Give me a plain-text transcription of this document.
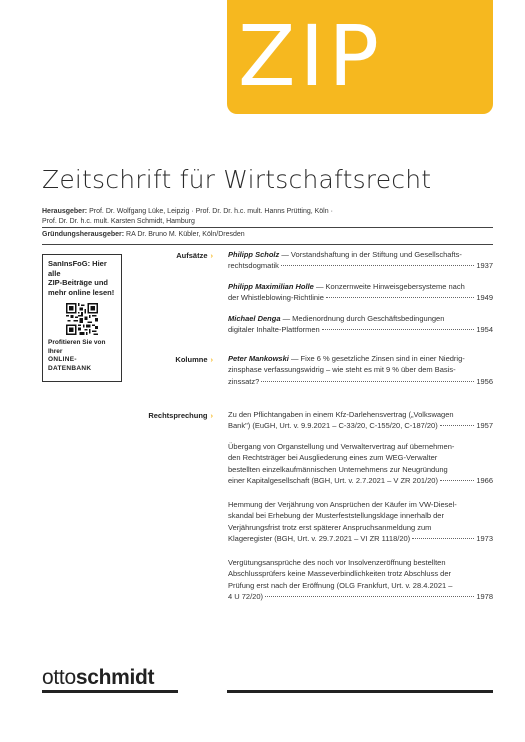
ZIP
Zeitschrift für Wirtschaftsrecht
Herausgeber: Prof. Dr. Wolfgang Lüke, Leipzig · Prof. Dr. Dr. h.c. mult. Hanns Prütting, Köln ·
Prof. Dr. Dr. h.c. mult. Karsten Schmidt, Hamburg
Gründungsherausgeber: RA Dr. Bruno M. Kübler, Köln/Dresden
SanInsFoG: Hier alle
ZIP-Beiträge und
mehr online lesen!
Profitieren Sie von Ihrer
ONLINE-DATENBANK
Aufsätze › Philipp Scholz — Vorstandshaftung in der Stiftung und Gesellschafts-
rechtsdogmatik	1937
Philipp Maximilian Holle — Konzernweite Hinweisgebersysteme nach
der Whistleblowing-Richtlinie	1949
Michael Denga — Medienordnung durch Geschäftsbedingungen
digitaler Inhalte-Plattformen	1954
Kolumne › Peter Mankowski — Fixe 6 % gesetzliche Zinsen sind in einer Niedrig-
zinsphase verfassungswidrig – wie steht es mit 9 % über dem Basis-
zinssatz?	1956
Rechtsprechung › Zu den Pflichtangaben in einem Kfz-Darlehensvertrag („Volkswagen
Bank") (EuGH, Urt. v. 9.9.2021 – C-33/20, C-155/20, C-187/20)	1957
Übergang von Organstellung und Verwaltervertrag auf übernehmen-
den Rechtsträger bei Ausgliederung eines zum WEG-Verwalter
bestellten einzelkaufmännischen Unternehmens zur Neugründung
einer Kapitalgesellschaft (BGH, Urt. v. 2.7.2021 – V ZR 201/20)	1966
Hemmung der Verjährung von Ansprüchen der Käufer im VW-Diesel-
skandal bei Erhebung der Musterfeststellungsklage innerhalb der
Verjährungsfrist trotz erst späterer Anspruchsanmeldung zum
Klageregister (BGH, Urt. v. 29.7.2021 – VI ZR 1118/20)	1973
Vergütungsansprüche des noch vor Insolvenzeröffnung bestellten
Abschlussprüfers keine Masseverbindlichkeiten trotz Abschluss der
Prüfung erst nach der Eröffnung (OLG Frankfurt, Urt. v. 28.4.2021 –
4 U 72/20)	1978
ottoschmidt
